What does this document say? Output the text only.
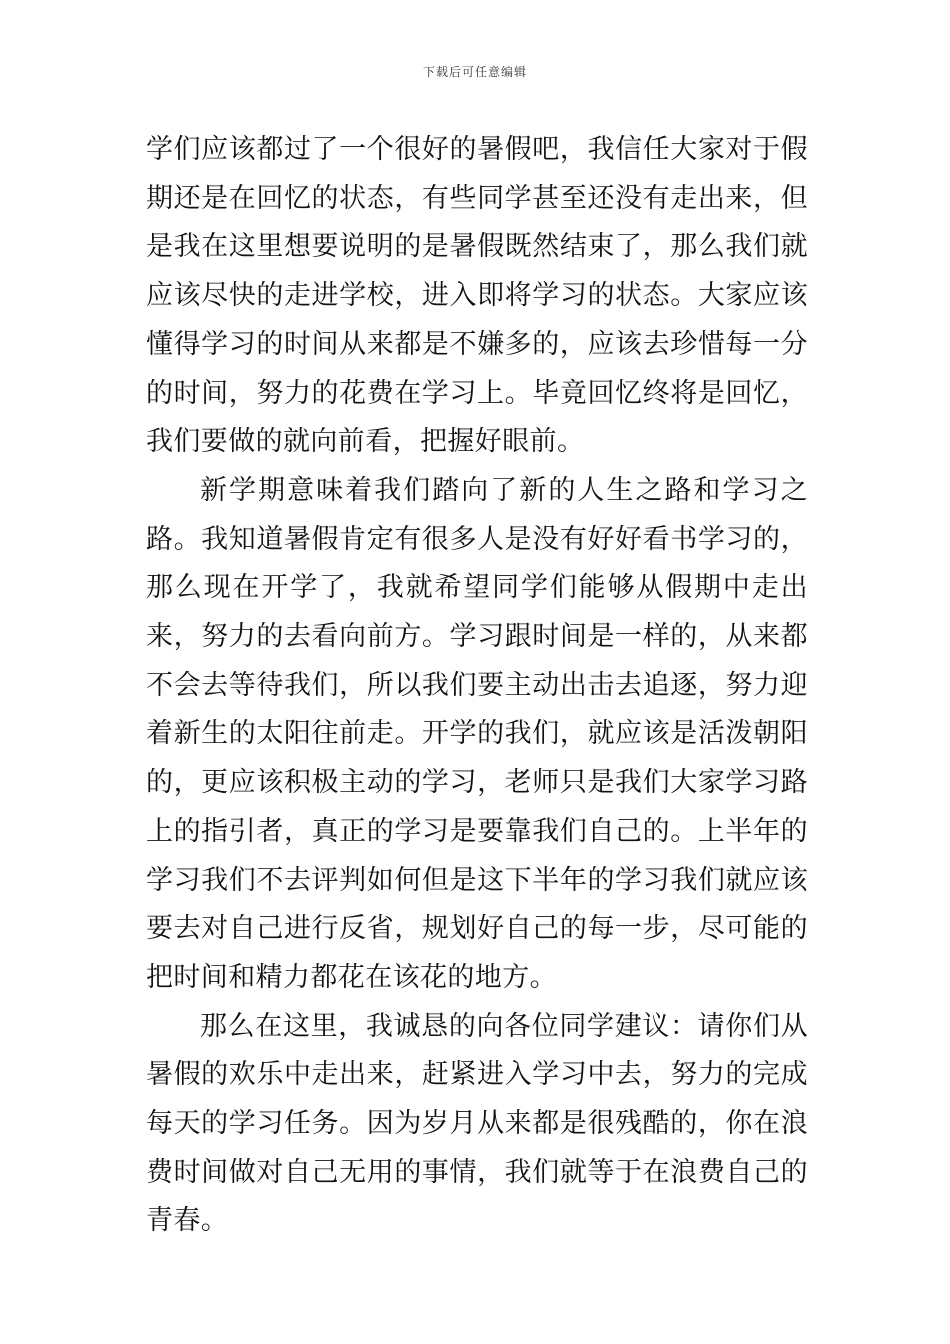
下载后可任意编辑

学们应该都过了一个很好的暑假吧，我信任大家对于假期还是在回忆的状态，有些同学甚至还没有走出来，但是我在这里想要说明的是暑假既然结束了，那么我们就应该尽快的走进学校，进入即将学习的状态。大家应该懂得学习的时间从来都是不嫌多的，应该去珍惜每一分的时间，努力的花费在学习上。毕竟回忆终将是回忆，我们要做的就向前看，把握好眼前。

新学期意味着我们踏向了新的人生之路和学习之路。我知道暑假肯定有很多人是没有好好看书学习的，那么现在开学了，我就希望同学们能够从假期中走出来，努力的去看向前方。学习跟时间是一样的，从来都不会去等待我们，所以我们要主动出击去追逐，努力迎着新生的太阳往前走。开学的我们，就应该是活泼朝阳的，更应该积极主动的学习，老师只是我们大家学习路上的指引者，真正的学习是要靠我们自己的。上半年的学习我们不去评判如何但是这下半年的学习我们就应该要去对自己进行反省，规划好自己的每一步，尽可能的把时间和精力都花在该花的地方。

那么在这里，我诚恳的向各位同学建议：请你们从暑假的欢乐中走出来，赶紧进入学习中去，努力的完成每天的学习任务。因为岁月从来都是很残酷的，你在浪费时间做对自己无用的事情，我们就等于在浪费自己的青春。
